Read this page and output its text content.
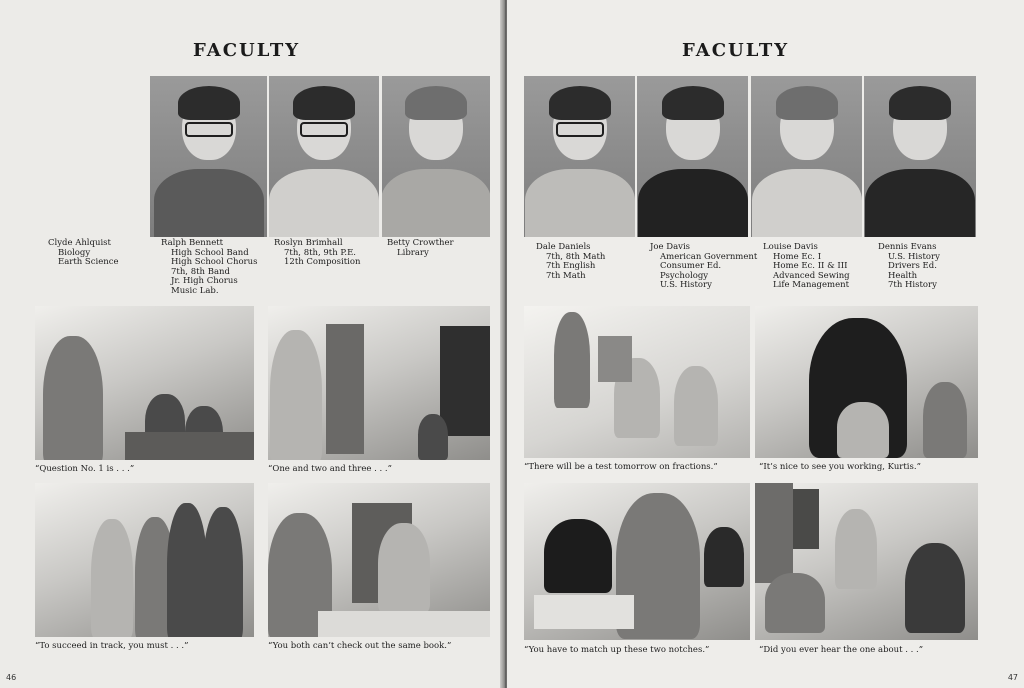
FACULTY
Clyde Ahlquist
Biology
Earth Science
Ralph Bennett
High School Band
High School Chorus
7th, 8th Band
Jr. High Chorus
Music Lab.
Roslyn Brimhall
7th, 8th, 9th P.E.
12th Composition
Betty Crowther
Library
“Question No. 1 is . . .”	“One and two and three . . .”
“To succeed in track, you must . . .”	“You both can’t check out the same book.”
46
FACULTY
Dale Daniels
7th, 8th Math
7th English
7th Math
Joe Davis
American Government
Consumer Ed.
Psychology
U.S. History
Louise Davis
Home Ec. I
Home Ec. II & III
Advanced Sewing
Life Management
Dennis Evans
U.S. History
Drivers Ed.
Health
7th History
“There will be a test tomorrow on fractions.”	“It’s nice to see you working, Kurtis.”
“You have to match up these two notches.”	“Did you ever hear the one about . . .”
47
